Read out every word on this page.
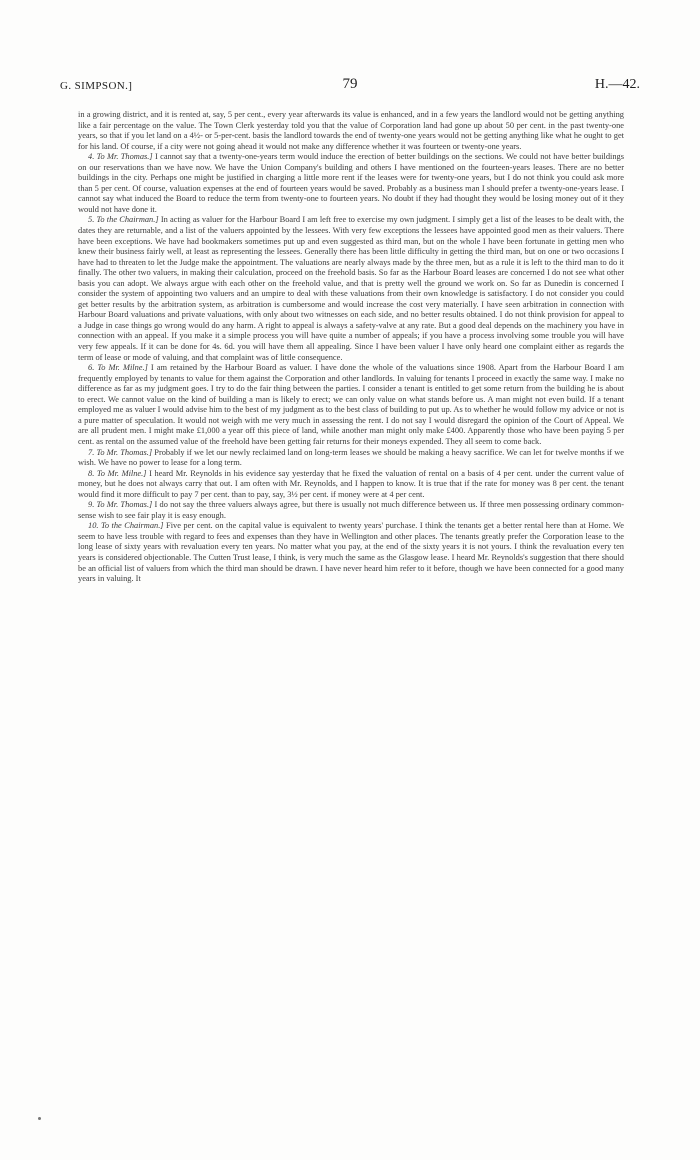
G. SIMPSON.]	79	H.—42.

in a growing district, and it is rented at, say, 5 per cent., every year afterwards its value is enhanced, and in a few years the landlord would not be getting anything like a fair percentage on the value. The Town Clerk yesterday told you that the value of Corporation land had gone up about 50 per cent. in the past twenty-one years, so that if you let land on a 4½- or 5-per-cent. basis the landlord towards the end of twenty-one years would not be getting anything like what he ought to get for his land. Of course, if a city were not going ahead it would not make any difference whether it was fourteen or twenty-one years.

4. To Mr. Thomas.] I cannot say that a twenty-one-years term would induce the erection of better buildings on the sections. We could not have better buildings on our reservations than we have now. We have the Union Company's building and others I have mentioned on the fourteen-years leases. There are no better buildings in the city. Perhaps one might be justified in charging a little more rent if the leases were for twenty-one years, but I do not think you could ask more than 5 per cent. Of course, valuation expenses at the end of fourteen years would be saved. Probably as a business man I should prefer a twenty-one-years lease. I cannot say what induced the Board to reduce the term from twenty-one to fourteen years. No doubt if they had thought they would be losing money out of it they would not have done it.

5. To the Chairman.] In acting as valuer for the Harbour Board I am left free to exercise my own judgment. I simply get a list of the leases to be dealt with, the dates they are returnable, and a list of the valuers appointed by the lessees. With very few exceptions the lessees have appointed good men as their valuers. There have been exceptions. We have had bookmakers sometimes put up and even suggested as third man, but on the whole I have been fortunate in getting men who knew their business fairly well, at least as representing the lessees. Generally there has been little difficulty in getting the third man, but on one or two occasions I have had to threaten to let the Judge make the appointment. The valuations are nearly always made by the three men, but as a rule it is left to the third man to do it finally. The other two valuers, in making their calculation, proceed on the freehold basis. So far as the Harbour Board leases are concerned I do not see what other basis you can adopt. We always argue with each other on the freehold value, and that is pretty well the ground we work on. So far as Dunedin is concerned I consider the system of appointing two valuers and an umpire to deal with these valuations from their own knowledge is satisfactory. I do not consider you could get better results by the arbitration system, as arbitration is cumbersome and would increase the cost very materially. I have seen arbitration in connection with Harbour Board valuations and private valuations, with only about two witnesses on each side, and no better results obtained. I do not think provision for appeal to a Judge in case things go wrong would do any harm. A right to appeal is always a safety-valve at any rate. But a good deal depends on the machinery you have in connection with an appeal. If you make it a simple process you will have quite a number of appeals; if you have a process involving some trouble you will have very few appeals. If it can be done for 4s. 6d. you will have them all appealing. Since I have been valuer I have only heard one complaint either as regards the term of lease or mode of valuing, and that complaint was of little consequence.

6. To Mr. Milne.] I am retained by the Harbour Board as valuer. I have done the whole of the valuations since 1908. Apart from the Harbour Board I am frequently employed by tenants to value for them against the Corporation and other landlords. In valuing for tenants I proceed in exactly the same way. I make no difference as far as my judgment goes. I try to do the fair thing between the parties. I consider a tenant is entitled to get some return from the building he is about to erect. We cannot value on the kind of building a man is likely to erect; we can only value on what stands before us. A man might not even build. If a tenant employed me as valuer I would advise him to the best of my judgment as to the best class of building to put up. As to whether he would follow my advice or not is a pure matter of speculation. It would not weigh with me very much in assessing the rent. I do not say I would disregard the opinion of the Court of Appeal. We are all prudent men. I might make £1,000 a year off this piece of land, while another man might only make £400. Apparently those who have been paying 5 per cent. as rental on the assumed value of the freehold have been getting fair returns for their moneys expended. They all seem to come back.

7. To Mr. Thomas.] Probably if we let our newly reclaimed land on long-term leases we should be making a heavy sacrifice. We can let for twelve months if we wish. We have no power to lease for a long term.

8. To Mr. Milne.] I heard Mr. Reynolds in his evidence say yesterday that he fixed the valuation of rental on a basis of 4 per cent. under the current value of money, but he does not always carry that out. I am often with Mr. Reynolds, and I happen to know. It is true that if the rate for money was 8 per cent. the tenant would find it more difficult to pay 7 per cent. than to pay, say, 3½ per cent. if money were at 4 per cent.

9. To Mr. Thomas.] I do not say the three valuers always agree, but there is usually not much difference between us. If three men possessing ordinary common-sense wish to see fair play it is easy enough.

10. To the Chairman.] Five per cent. on the capital value is equivalent to twenty years' purchase. I think the tenants get a better rental here than at Home. We seem to have less trouble with regard to fees and expenses than they have in Wellington and other places. The tenants greatly prefer the Corporation lease to the long lease of sixty years with revaluation every ten years. No matter what you pay, at the end of the sixty years it is not yours. I think the revaluation every ten years is considered objectionable. The Cutten Trust lease, I think, is very much the same as the Glasgow lease. I heard Mr. Reynolds's suggestion that there should be an official list of valuers from which the third man should be drawn. I have never heard him refer to it before, though we have been connected for a good many years in valuing. It
